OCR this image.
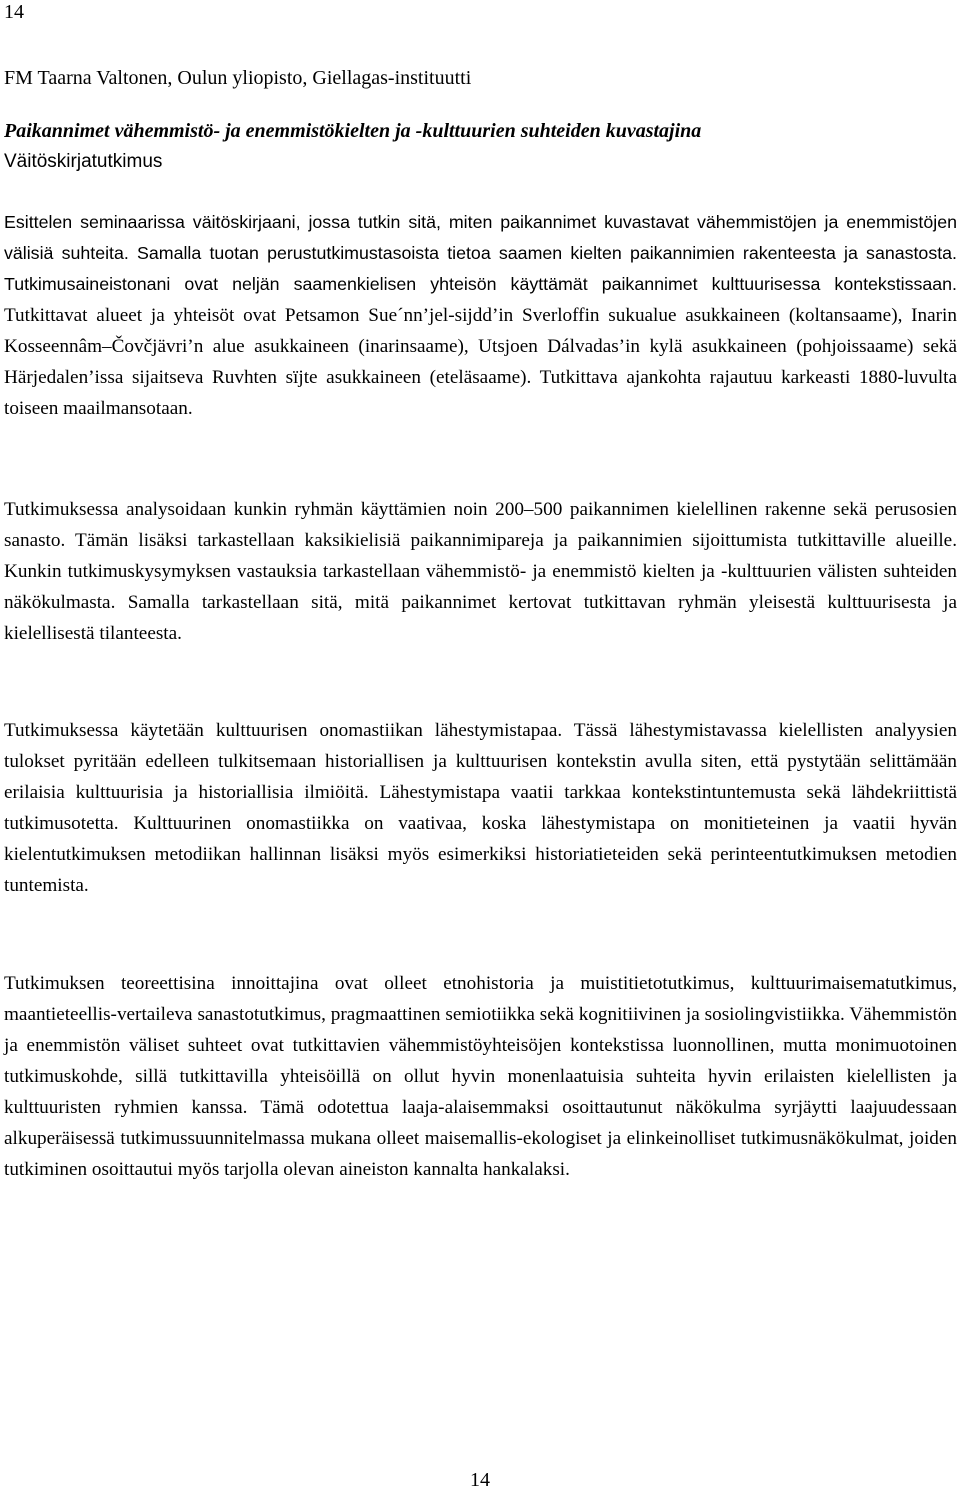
14
FM Taarna Valtonen, Oulun yliopisto, Giellagas-instituutti
Paikannimet vähemmistö- ja enemmistökielten ja -kulttuurien suhteiden kuvastajina
Väitöskirjatutkimus

Esittelen seminaarissa väitöskirjaani, jossa tutkin sitä, miten paikannimet kuvastavat vähemmistöjen ja enemmistöjen välisiä suhteita. Samalla tuotan perustutkimustasoista tietoa saamen kielten paikannimien rakenteesta ja sanastosta. Tutkimusaineistonani ovat neljän saamenkielisen yhteisön käyttämät paikannimet kulttuurisessa kontekstissaan. Tutkittavat alueet ja yhteisöt ovat Petsamon Sue´nn’jel-sijdd’in Sverloffin sukualue asukkaineen (koltansaame), Inarin Kosseennâm–Čovčjävri’n alue asukkaineen (inarinsaame), Utsjoen Dálvadas’in kylä asukkaineen (pohjoissaame) sekä Härjedalen’issa sijaitseva Ruvhten sïjte asukkaineen (eteläsaame). Tutkittava ajankohta rajautuu karkeasti 1880-luvulta toiseen maailmansotaan.

Tutkimuksessa analysoidaan kunkin ryhmän käyttämien noin 200–500 paikannimen kielellinen rakenne sekä perusosien sanasto. Tämän lisäksi tarkastellaan kaksikielisiä paikannimipareja ja paikannimien sijoittumista tutkittaville alueille. Kunkin tutkimuskysymyksen vastauksia tarkastellaan vähemmistö- ja enemmistö kielten ja -kulttuurien välisten suhteiden näkökulmasta. Samalla tarkastellaan sitä, mitä paikannimet kertovat tutkittavan ryhmän yleisestä kulttuurisesta ja kielellisestä tilanteesta.

Tutkimuksessa käytetään kulttuurisen onomastiikan lähestymistapaa. Tässä lähestymistavassa kielellisten analyysien tulokset pyritään edelleen tulkitsemaan historiallisen ja kulttuurisen kontekstin avulla siten, että pystytään selittämään erilaisia kulttuurisia ja historiallisia ilmiöitä. Lähestymistapa vaatii tarkkaa kontekstintuntemusta sekä lähdekriittistä tutkimusotetta. Kulttuurinen onomastiikka on vaativaa, koska lähestymistapa on monitieteinen ja vaatii hyvän kielentutkimuksen metodiikan hallinnan lisäksi myös esimerkiksi historiatieteiden sekä perinteentutkimuksen metodien tuntemista.

Tutkimuksen teoreettisina innoittajina ovat olleet etnohistoria ja muistitietotutkimus, kulttuurimaisematutkimus, maantieteellis-vertaileva sanastotutkimus, pragmaattinen semiotiikka sekä kognitiivinen ja sosiolingvistiikka. Vähemmistön ja enemmistön väliset suhteet ovat tutkittavien vähemmistöyhteisöjen kontekstissa luonnollinen, mutta monimuotoinen tutkimuskohde, sillä tutkittavilla yhteisöillä on ollut hyvin monenlaatuisia suhteita hyvin erilaisten kielellisten ja kulttuuristen ryhmien kanssa. Tämä odotettua laaja-alaisemmaksi osoittautunut näkökulma syrjäytti laajuudessaan alkuperäisessä tutkimussuunnitelmassa mukana olleet maisemallis-ekologiset ja elinkeinolliset tutkimusnäkökulmat, joiden tutkiminen osoittautui myös tarjolla olevan aineiston kannalta hankalaksi.

14
